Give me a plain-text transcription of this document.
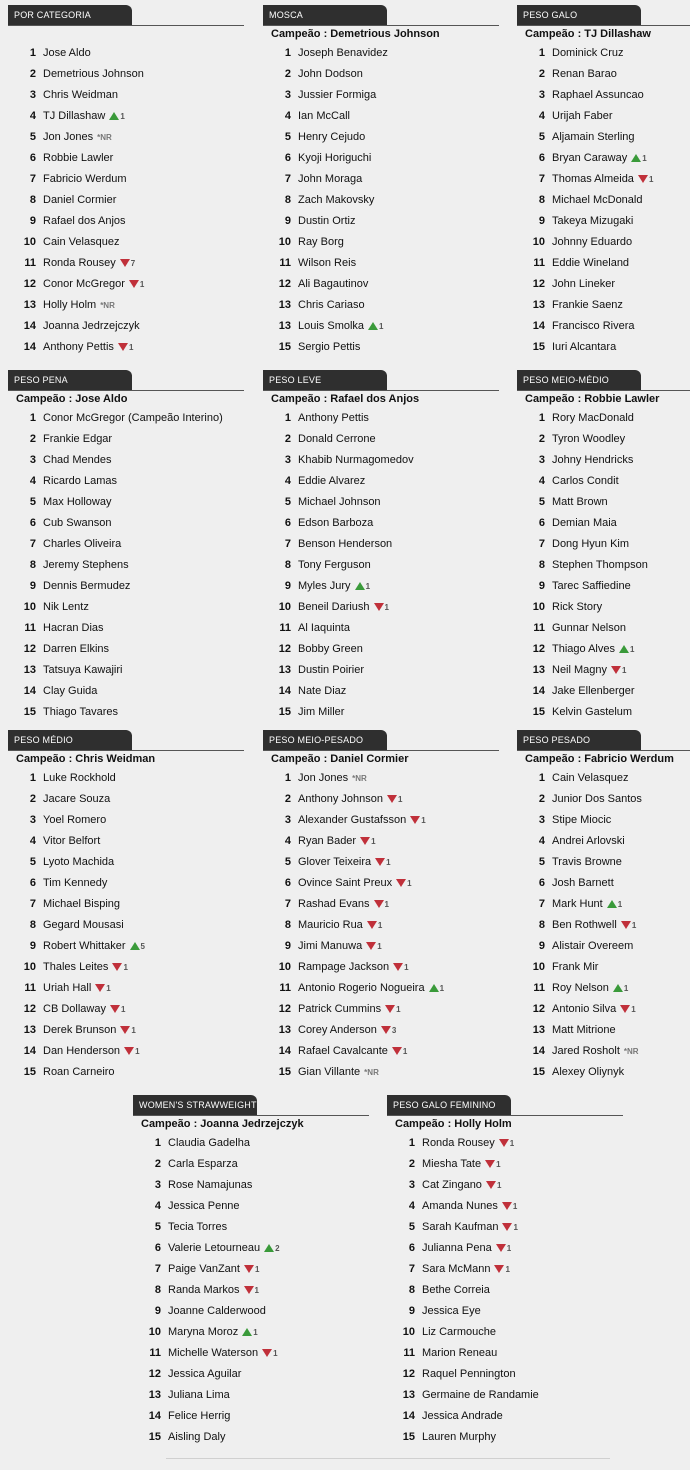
POR CATEGORIA
1 Jose Aldo
2 Demetrious Johnson
3 Chris Weidman
4 TJ Dillashaw 1
5 Jon Jones *NR
6 Robbie Lawler
7 Fabricio Werdum
8 Daniel Cormier
9 Rafael dos Anjos
10 Cain Velasquez
11 Ronda Rousey 7
12 Conor McGregor 1
13 Holly Holm *NR
14 Joanna Jedrzejczyk
14 Anthony Pettis 1
MOSCA
Campeão : Demetrious Johnson
1 Joseph Benavidez
2 John Dodson
3 Jussier Formiga
4 Ian McCall
5 Henry Cejudo
6 Kyoji Horiguchi
7 John Moraga
8 Zach Makovsky
9 Dustin Ortiz
10 Ray Borg
11 Wilson Reis
12 Ali Bagautinov
13 Chris Cariaso
13 Louis Smolka 1
15 Sergio Pettis
PESO GALO
Campeão : TJ Dillashaw
1 Dominick Cruz
2 Renan Barao
3 Raphael Assuncao
4 Urijah Faber
5 Aljamain Sterling
6 Bryan Caraway 1
7 Thomas Almeida 1
8 Michael McDonald
9 Takeya Mizugaki
10 Johnny Eduardo
11 Eddie Wineland
12 John Lineker
13 Frankie Saenz
14 Francisco Rivera
15 Iuri Alcantara
PESO PENA
Campeão : Jose Aldo
1 Conor McGregor (Campeão Interino)
2 Frankie Edgar
3 Chad Mendes
4 Ricardo Lamas
5 Max Holloway
6 Cub Swanson
7 Charles Oliveira
8 Jeremy Stephens
9 Dennis Bermudez
10 Nik Lentz
11 Hacran Dias
12 Darren Elkins
13 Tatsuya Kawajiri
14 Clay Guida
15 Thiago Tavares
PESO LEVE
Campeão : Rafael dos Anjos
1 Anthony Pettis
2 Donald Cerrone
3 Khabib Nurmagomedov
4 Eddie Alvarez
5 Michael Johnson
6 Edson Barboza
7 Benson Henderson
8 Tony Ferguson
9 Myles Jury 1
10 Beneil Dariush 1
11 Al Iaquinta
12 Bobby Green
13 Dustin Poirier
14 Nate Diaz
15 Jim Miller
PESO MEIO-MÉDIO
Campeão : Robbie Lawler
1 Rory MacDonald
2 Tyron Woodley
3 Johny Hendricks
4 Carlos Condit
5 Matt Brown
6 Demian Maia
7 Dong Hyun Kim
8 Stephen Thompson
9 Tarec Saffiedine
10 Rick Story
11 Gunnar Nelson
12 Thiago Alves 1
13 Neil Magny 1
14 Jake Ellenberger
15 Kelvin Gastelum
PESO MÉDIO
Campeão : Chris Weidman
1 Luke Rockhold
2 Jacare Souza
3 Yoel Romero
4 Vitor Belfort
5 Lyoto Machida
6 Tim Kennedy
7 Michael Bisping
8 Gegard Mousasi
9 Robert Whittaker 5
10 Thales Leites 1
11 Uriah Hall 1
12 CB Dollaway 1
13 Derek Brunson 1
14 Dan Henderson 1
15 Roan Carneiro
PESO MEIO-PESADO
Campeão : Daniel Cormier
1 Jon Jones *NR
2 Anthony Johnson 1
3 Alexander Gustafsson 1
4 Ryan Bader 1
5 Glover Teixeira 1
6 Ovince Saint Preux 1
7 Rashad Evans 1
8 Mauricio Rua 1
9 Jimi Manuwa 1
10 Rampage Jackson 1
11 Antonio Rogerio Nogueira 1
12 Patrick Cummins 1
13 Corey Anderson 3
14 Rafael Cavalcante 1
15 Gian Villante *NR
PESO PESADO
Campeão : Fabricio Werdum
1 Cain Velasquez
2 Junior Dos Santos
3 Stipe Miocic
4 Andrei Arlovski
5 Travis Browne
6 Josh Barnett
7 Mark Hunt 1
8 Ben Rothwell 1
9 Alistair Overeem
10 Frank Mir
11 Roy Nelson 1
12 Antonio Silva 1
13 Matt Mitrione
14 Jared Rosholt *NR
15 Alexey Oliynyk
WOMEN'S STRAWWEIGHT
Campeão : Joanna Jedrzejczyk
1 Claudia Gadelha
2 Carla Esparza
3 Rose Namajunas
4 Jessica Penne
5 Tecia Torres
6 Valerie Letourneau 2
7 Paige VanZant 1
8 Randa Markos 1
9 Joanne Calderwood
10 Maryna Moroz 1
11 Michelle Waterson 1
12 Jessica Aguilar
13 Juliana Lima
14 Felice Herrig
15 Aisling Daly
PESO GALO FEMININO
Campeão : Holly Holm
1 Ronda Rousey 1
2 Miesha Tate 1
3 Cat Zingano 1
4 Amanda Nunes 1
5 Sarah Kaufman 1
6 Julianna Pena 1
7 Sara McMann 1
8 Bethe Correia
9 Jessica Eye
10 Liz Carmouche
11 Marion Reneau
12 Raquel Pennington
13 Germaine de Randamie
14 Jessica Andrade
15 Lauren Murphy
